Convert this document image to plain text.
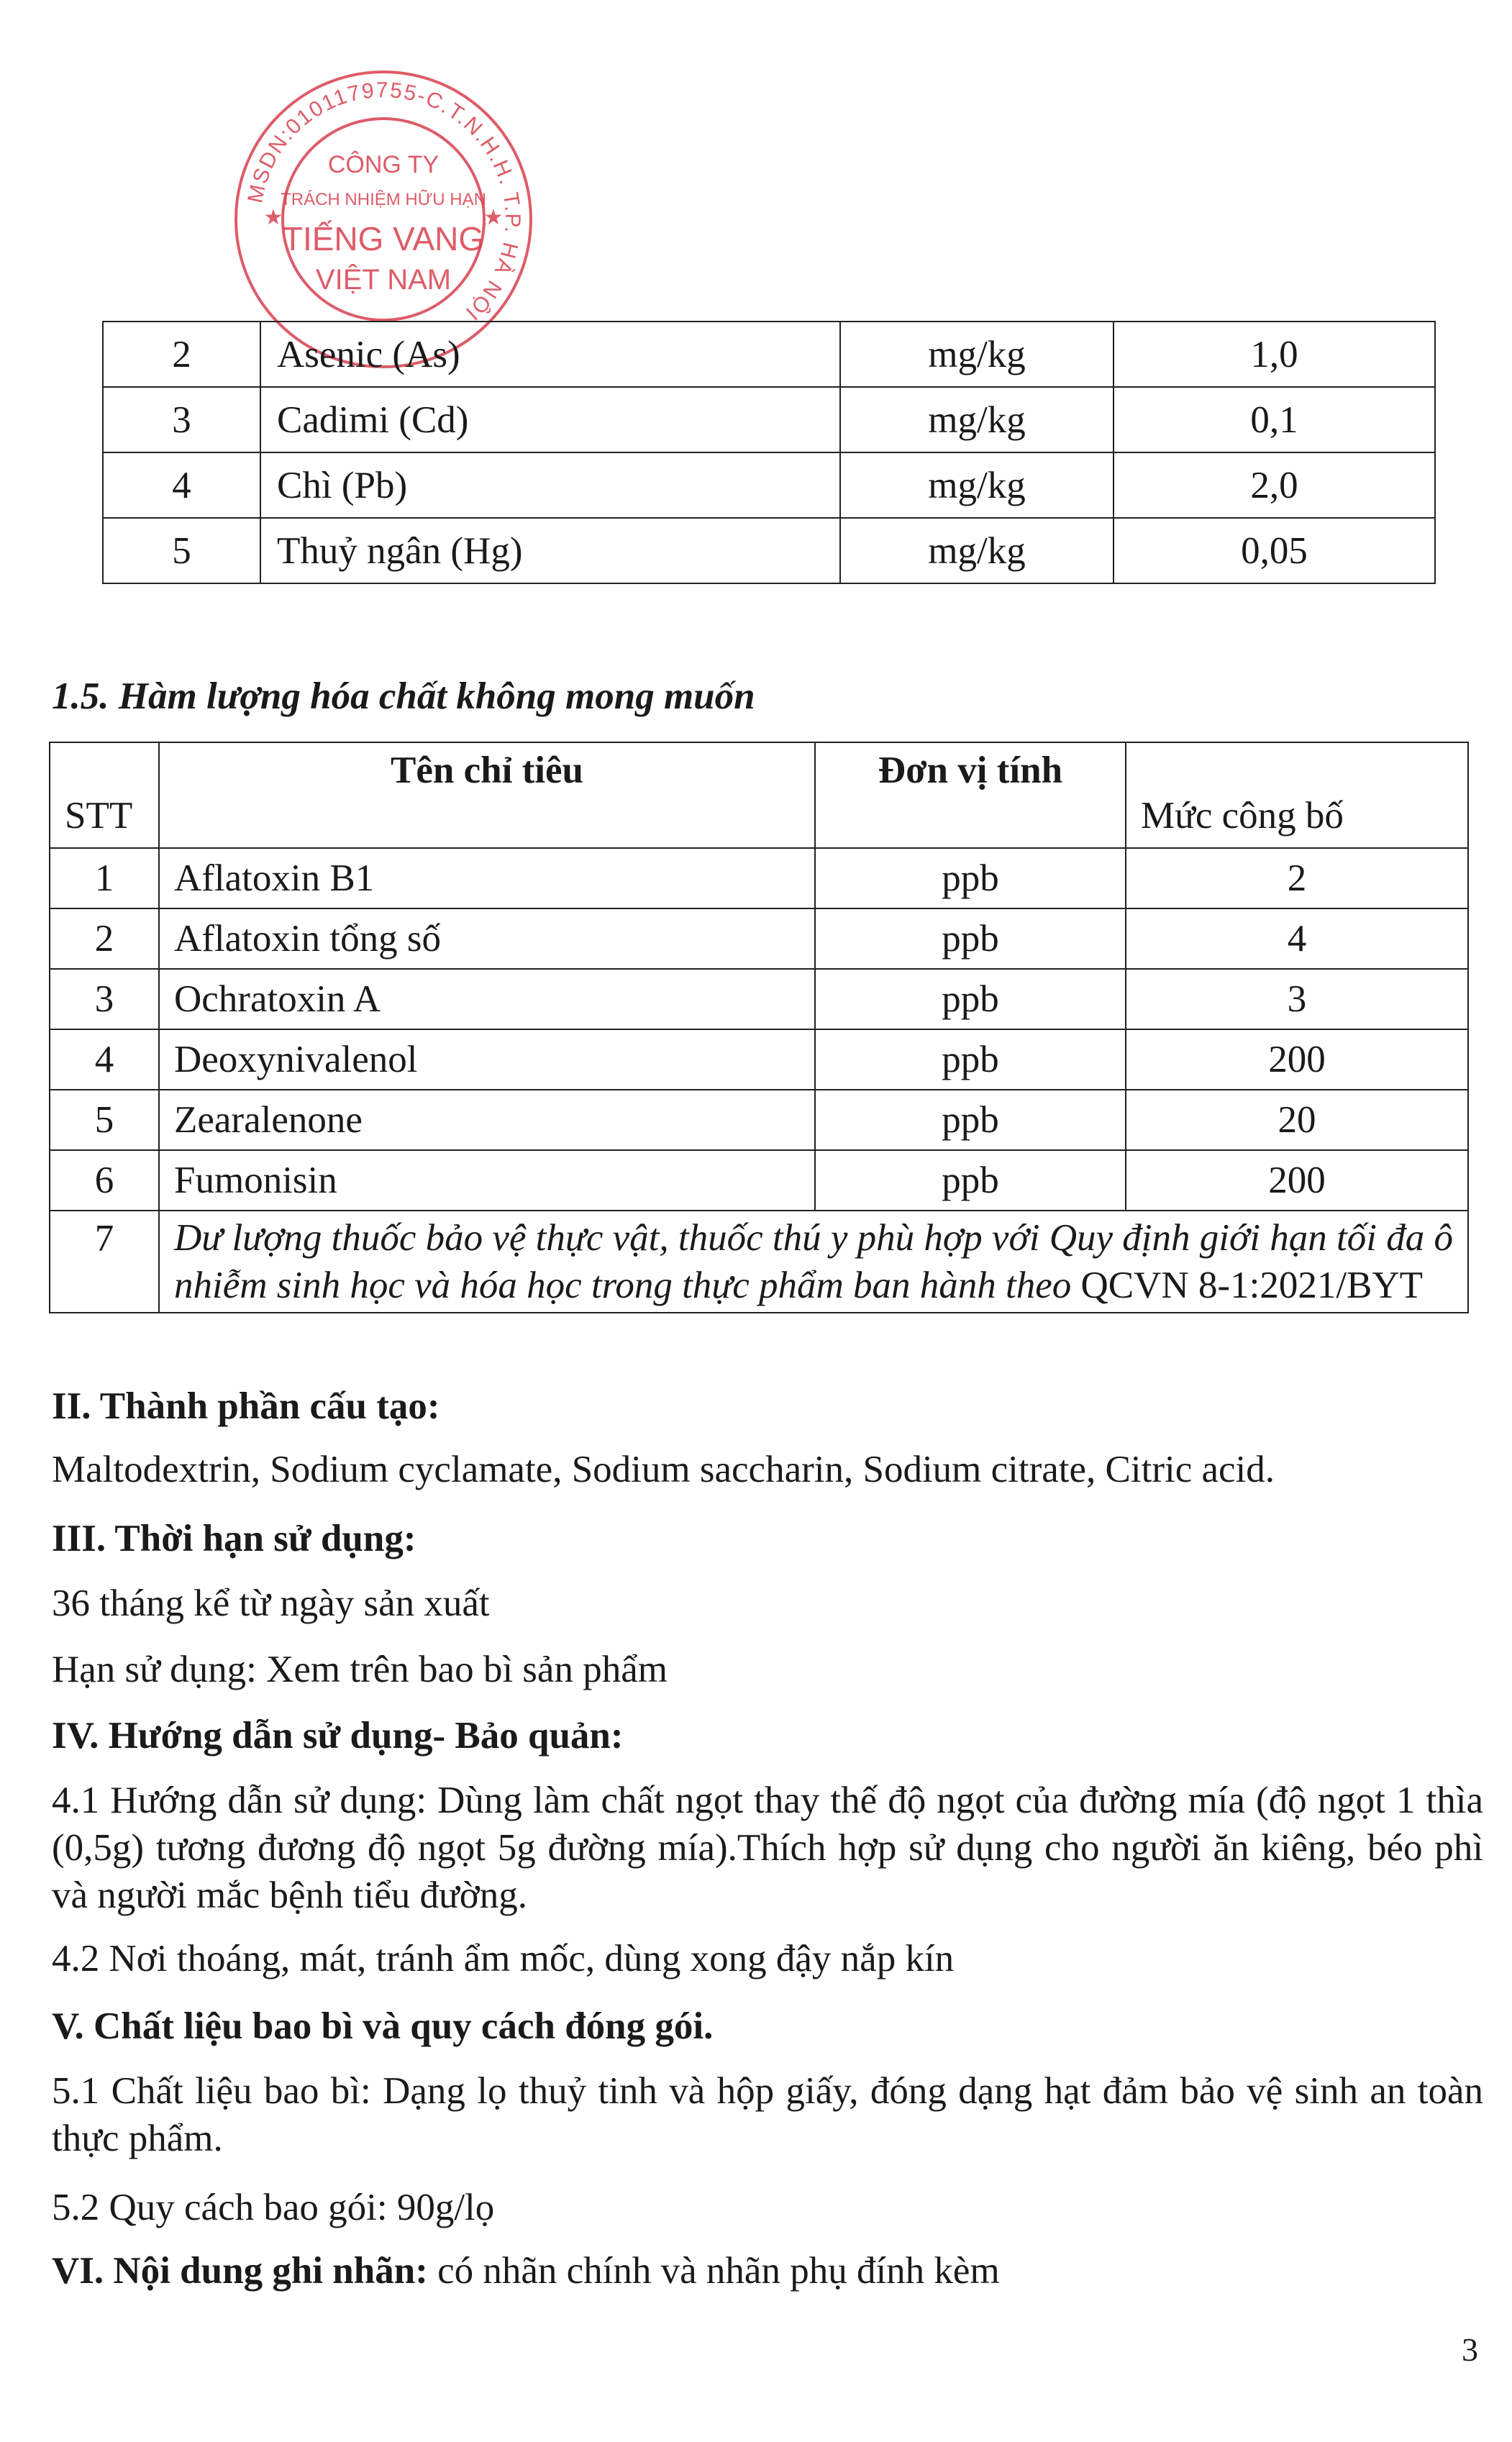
MSDN:0101179755-C.T.N.H.H. T.P. HÀ NỘI
CÔNG TY
TRÁCH NHIỆM HỮU HẠN
TIẾNG VANG
VIỆT NAM
★	★
2	Asenic (As)	mg/kg	1,0
3	Cadimi (Cd)	mg/kg	0,1
4	Chì (Pb)	mg/kg	2,0
5	Thuỷ ngân (Hg)	mg/kg	0,05
1.5. Hàm lượng hóa chất không mong muốn
STT	Tên chỉ tiêu	Đơn vị tính	Mức công bố
1	Aflatoxin B1	ppb	2
2	Aflatoxin tổng số	ppb	4
3	Ochratoxin A	ppb	3
4	Deoxynivalenol	ppb	200
5	Zearalenone	ppb	20
6	Fumonisin	ppb	200
7	Dư lượng thuốc bảo vệ thực vật, thuốc thú y phù hợp với Quy định giới hạn tối đa ô nhiễm sinh học và hóa học trong thực phẩm ban hành theo QCVN 8-1:2021/BYT		
II. Thành phần cấu tạo:
Maltodextrin, Sodium cyclamate, Sodium saccharin, Sodium citrate, Citric acid.
III. Thời hạn sử dụng:
36 tháng kể từ ngày sản xuất
Hạn sử dụng: Xem trên bao bì sản phẩm
IV. Hướng dẫn sử dụng- Bảo quản:
4.1 Hướng dẫn sử dụng: Dùng làm chất ngọt thay thế độ ngọt của đường mía (độ ngọt 1 thìa (0,5g) tương đương độ ngọt 5g đường mía).Thích hợp sử dụng cho người ăn kiêng, béo phì và người mắc bệnh tiểu đường.
4.2 Nơi thoáng, mát, tránh ẩm mốc, dùng xong đậy nắp kín
V. Chất liệu bao bì và quy cách đóng gói.
5.1 Chất liệu bao bì: Dạng lọ thuỷ tinh và hộp giấy, đóng dạng hạt đảm bảo vệ sinh an toàn thực phẩm.
5.2 Quy cách bao gói: 90g/lọ
VI. Nội dung ghi nhãn: có nhãn chính và nhãn phụ đính kèm
3
